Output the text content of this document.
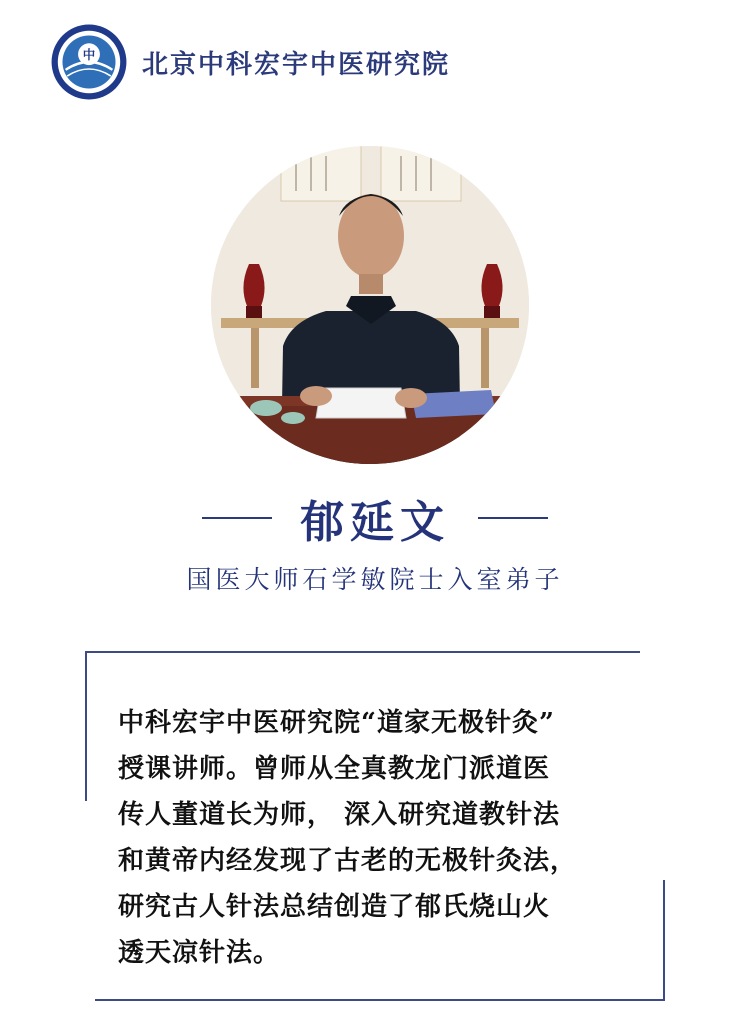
中 北京中科宏宇中医研究院
郁延文
国医大师石学敏院士入室弟子
中科宏宇中医研究院“道家无极针灸”
授课讲师。曾师从全真教龙门派道医
传人董道长为师， 深入研究道教针法
和黄帝内经发现了古老的无极针灸法，
研究古人针法总结创造了郁氏烧山火
透天凉针法。
